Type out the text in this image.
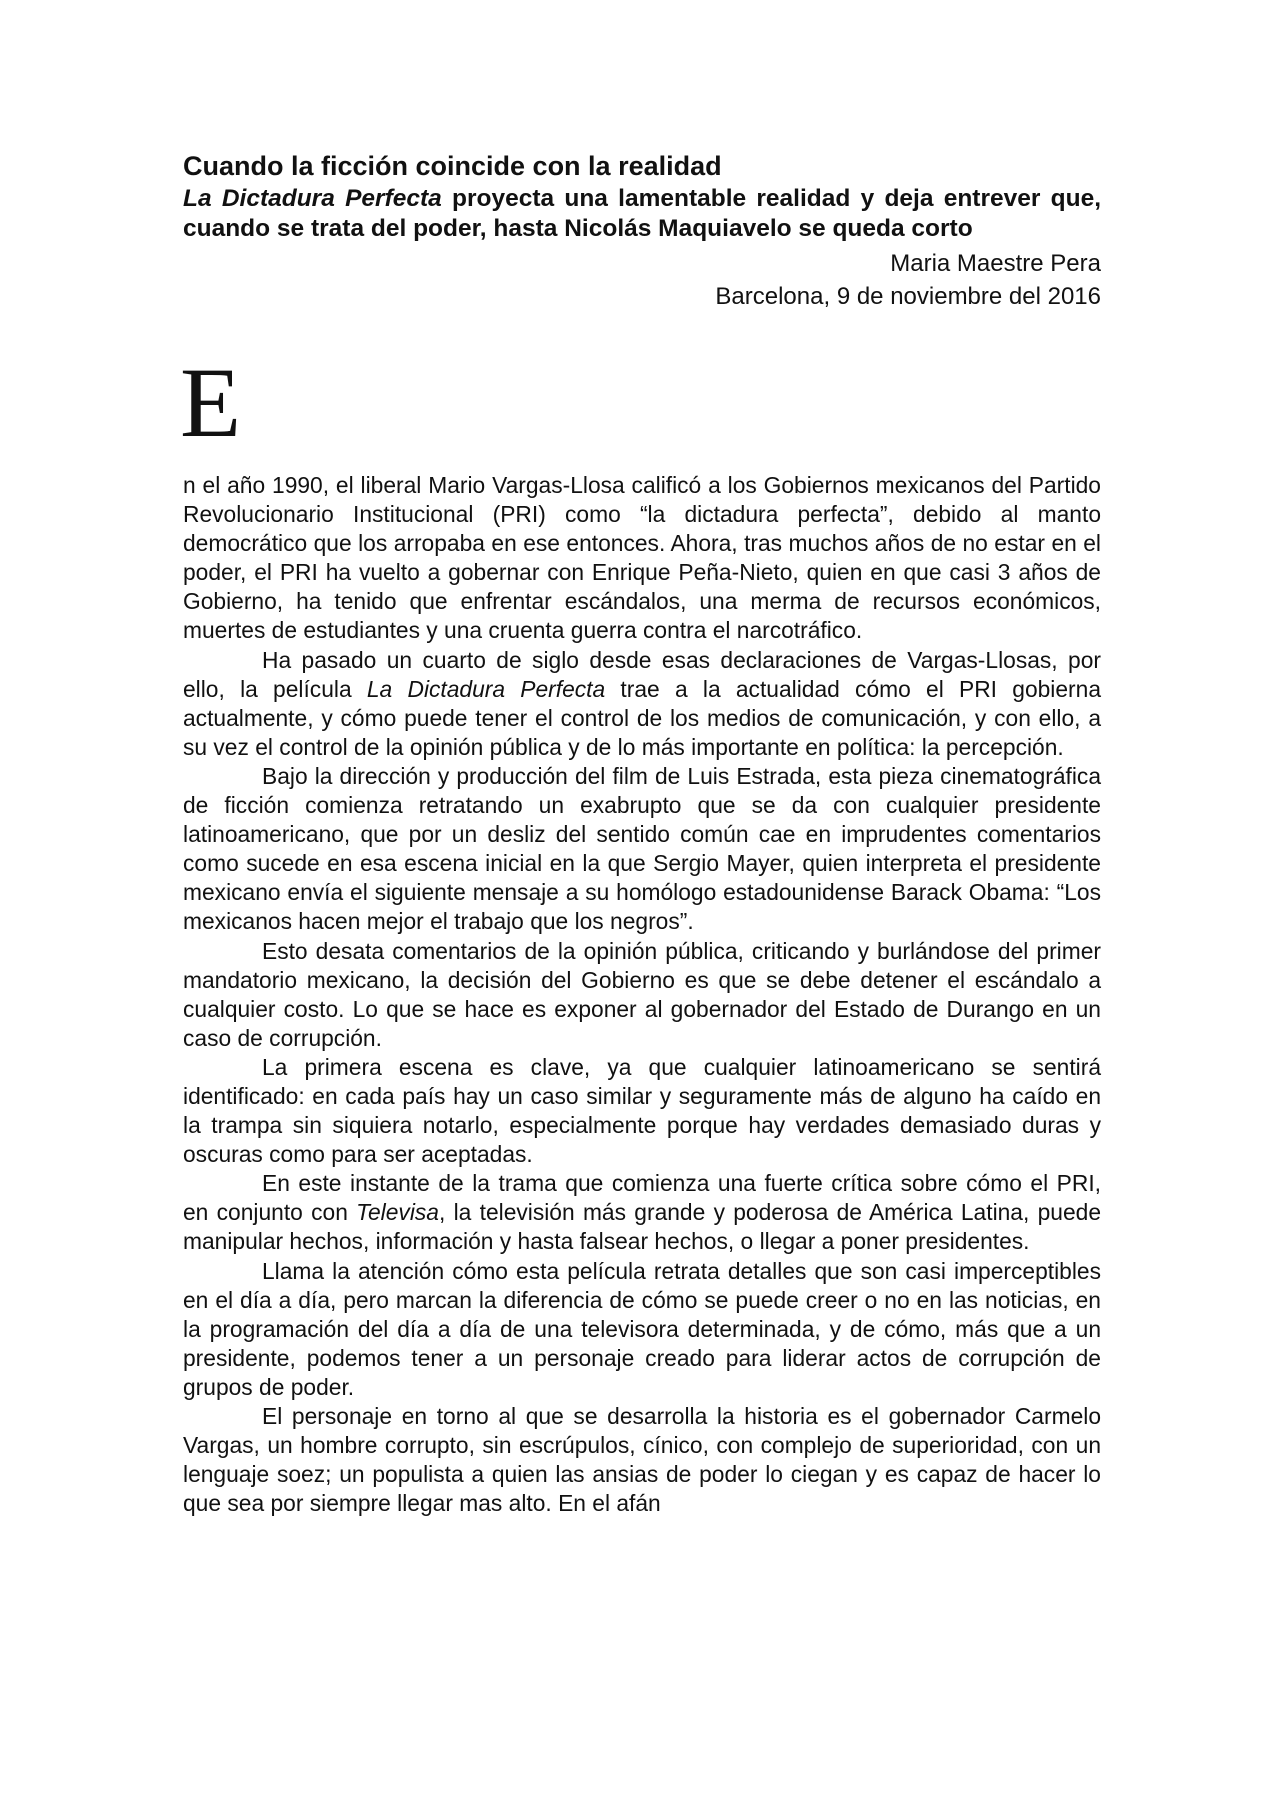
Cuando la ficción coincide con la realidad
La Dictadura Perfecta proyecta una lamentable realidad y deja entrever que, cuando se trata del poder, hasta Nicolás Maquiavelo se queda corto
Maria Maestre Pera
Barcelona, 9 de noviembre del 2016
E

n el año 1990, el liberal Mario Vargas-Llosa calificó a los Gobiernos mexicanos del Partido Revolucionario Institucional (PRI) como “la dictadura perfecta”, debido al manto democrático que los arropaba en ese entonces. Ahora, tras muchos años de no estar en el poder, el PRI ha vuelto a gobernar con Enrique Peña-Nieto, quien en que casi 3 años de Gobierno, ha tenido que enfrentar escándalos, una merma de recursos económicos, muertes de estudiantes y una cruenta guerra contra el narcotráfico.

Ha pasado un cuarto de siglo desde esas declaraciones de Vargas-Llosas, por ello, la película La Dictadura Perfecta trae a la actualidad cómo el PRI gobierna actualmente, y cómo puede tener el control de los medios de comunicación, y con ello, a su vez el control de la opinión pública y de lo más importante en política: la percepción.

Bajo la dirección y producción del film de Luis Estrada, esta pieza cinematográfica de ficción comienza retratando un exabrupto que se da con cualquier presidente latinoamericano, que por un desliz del sentido común cae en imprudentes comentarios como sucede en esa escena inicial en la que Sergio Mayer, quien interpreta el presidente mexicano envía el siguiente mensaje a su homólogo estadounidense Barack Obama: “Los mexicanos hacen mejor el trabajo que los negros”.

Esto desata comentarios de la opinión pública, criticando y burlándose del primer mandatorio mexicano, la decisión del Gobierno es que se debe detener el escándalo a cualquier costo. Lo que se hace es exponer al gobernador del Estado de Durango en un caso de corrupción.

La primera escena es clave, ya que cualquier latinoamericano se sentirá identificado: en cada país hay un caso similar y seguramente más de alguno ha caído en la trampa sin siquiera notarlo, especialmente porque hay verdades demasiado duras y oscuras como para ser aceptadas.

En este instante de la trama que comienza una fuerte crítica sobre cómo el PRI, en conjunto con Televisa, la televisión más grande y poderosa de América Latina, puede manipular hechos, información y hasta falsear hechos, o llegar a poner presidentes.

Llama la atención cómo esta película retrata detalles que son casi imperceptibles en el día a día, pero marcan la diferencia de cómo se puede creer o no en las noticias, en la programación del día a día de una televisora determinada, y de cómo, más que a un presidente, podemos tener a un personaje creado para liderar actos de corrupción de grupos de poder.

El personaje en torno al que se desarrolla la historia es el gobernador Carmelo Vargas, un hombre corrupto, sin escrúpulos, cínico, con complejo de superioridad, con un lenguaje soez; un populista a quien las ansias de poder lo ciegan y es capaz de hacer lo que sea por siempre llegar mas alto. En el afán
